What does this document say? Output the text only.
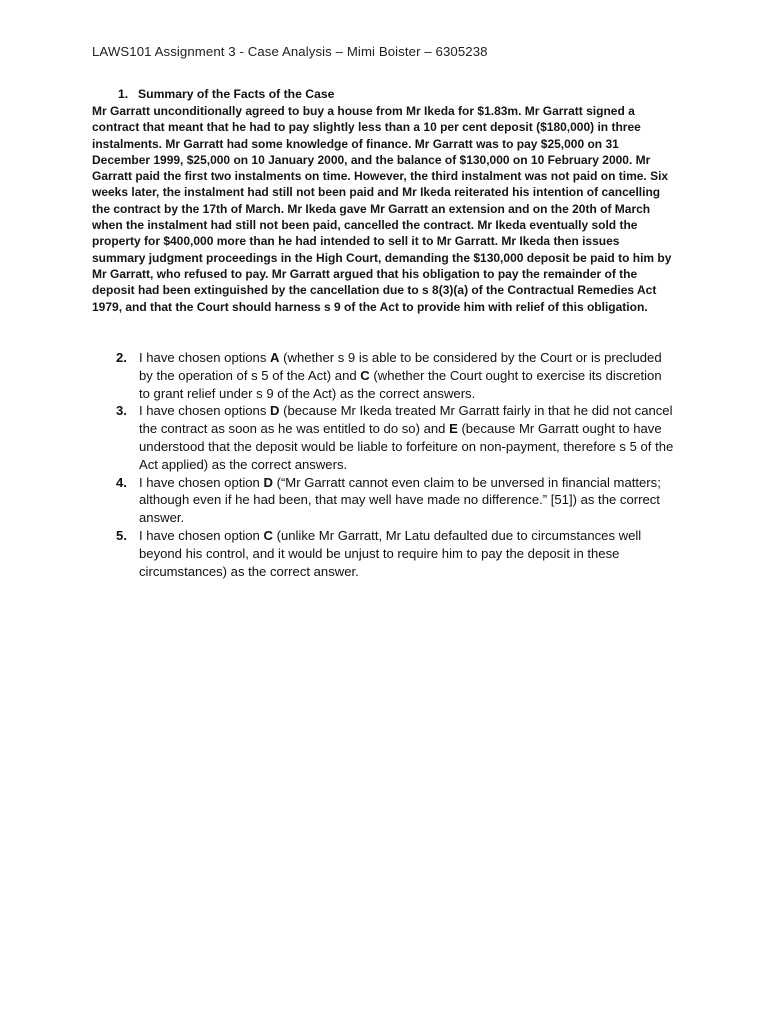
LAWS101 Assignment 3 - Case Analysis – Mimi Boister – 6305238
1. Summary of the Facts of the Case

Mr Garratt unconditionally agreed to buy a house from Mr Ikeda for $1.83m. Mr Garratt signed a contract that meant that he had to pay slightly less than a 10 per cent deposit ($180,000) in three instalments. Mr Garratt had some knowledge of finance. Mr Garratt was to pay $25,000 on 31 December 1999, $25,000 on 10 January 2000, and the balance of $130,000 on 10 February 2000. Mr Garratt paid the first two instalments on time. However, the third instalment was not paid on time. Six weeks later, the instalment had still not been paid and Mr Ikeda reiterated his intention of cancelling the contract by the 17th of March. Mr Ikeda gave Mr Garratt an extension and on the 20th of March when the instalment had still not been paid, cancelled the contract. Mr Ikeda eventually sold the property for $400,000 more than he had intended to sell it to Mr Garratt. Mr Ikeda then issues summary judgment proceedings in the High Court, demanding the $130,000 deposit be paid to him by Mr Garratt, who refused to pay. Mr Garratt argued that his obligation to pay the remainder of the deposit had been extinguished by the cancellation due to s 8(3)(a) of the Contractual Remedies Act 1979, and that the Court should harness s 9 of the Act to provide him with relief of this obligation.

2. I have chosen options A (whether s 9 is able to be considered by the Court or is precluded by the operation of s 5 of the Act) and C (whether the Court ought to exercise its discretion to grant relief under s 9 of the Act) as the correct answers.
3. I have chosen options D (because Mr Ikeda treated Mr Garratt fairly in that he did not cancel the contract as soon as he was entitled to do so) and E (because Mr Garratt ought to have understood that the deposit would be liable to forfeiture on non-payment, therefore s 5 of the Act applied) as the correct answers.
4. I have chosen option D (“Mr Garratt cannot even claim to be unversed in financial matters; although even if he had been, that may well have made no difference.” [51]) as the correct answer.
5. I have chosen option C (unlike Mr Garratt, Mr Latu defaulted due to circumstances well beyond his control, and it would be unjust to require him to pay the deposit in these circumstances) as the correct answer.
